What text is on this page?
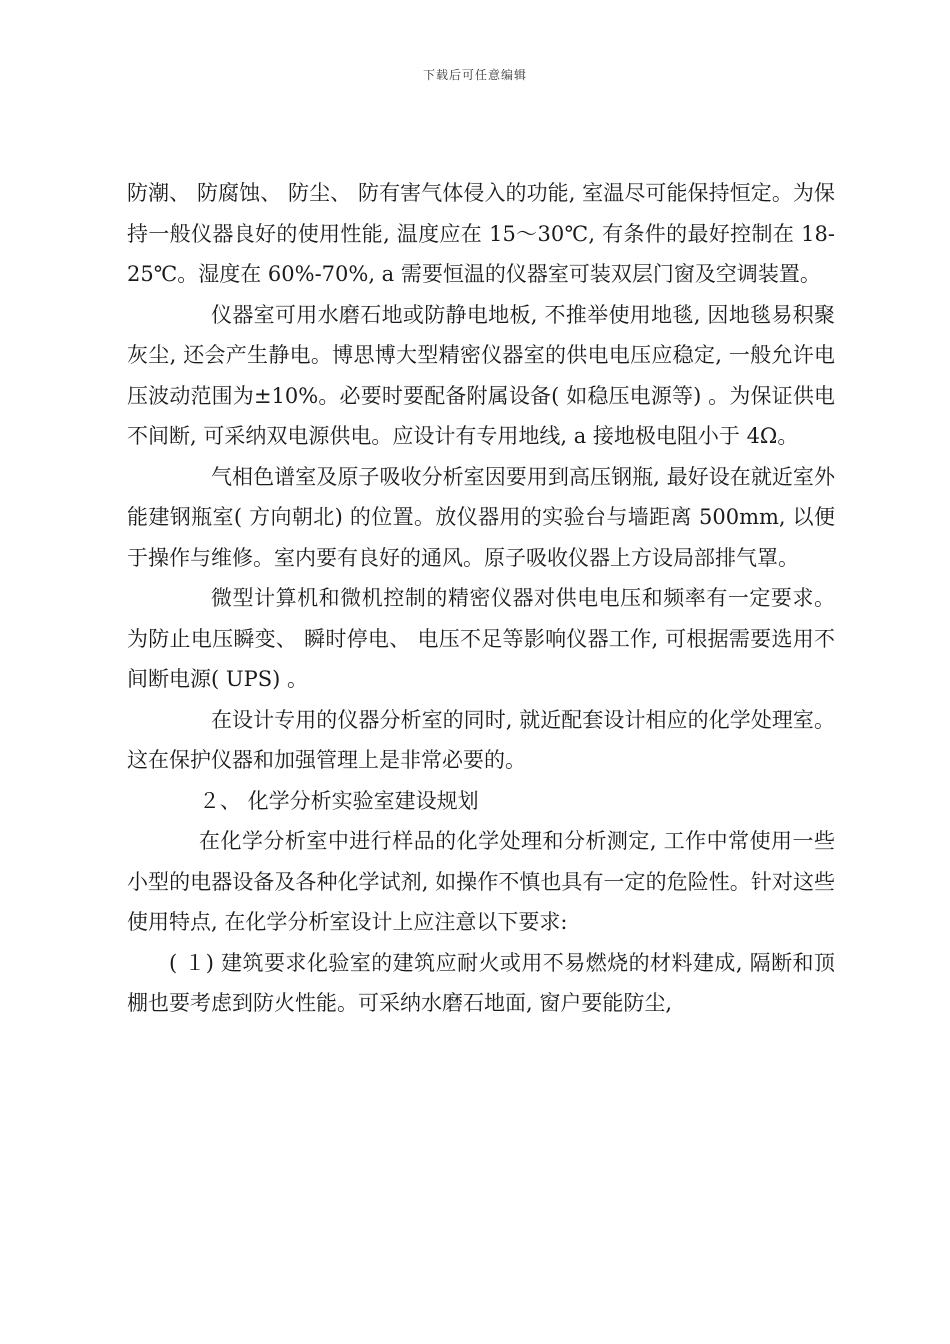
下载后可任意编辑

防潮、 防腐蚀、 防尘、 防有害气体侵入的功能, 室温尽可能保持恒定。为保持一般仪器良好的使用性能, 温度应在 15～30℃, 有条件的最好控制在 18-25℃。湿度在 60%-70%, a 需要恒温的仪器室可装双层门窗及空调装置。

仪器室可用水磨石地或防静电地板, 不推举使用地毯, 因地毯易积聚灰尘, 还会产生静电。博思博大型精密仪器室的供电电压应稳定, 一般允许电压波动范围为±10%。必要时要配备附属设备( 如稳压电源等) 。为保证供电不间断, 可采纳双电源供电。应设计有专用地线, a 接地极电阻小于 4Ω。

气相色谱室及原子吸收分析室因要用到高压钢瓶, 最好设在就近室外能建钢瓶室( 方向朝北) 的位置。放仪器用的实验台与墙距离 500mm, 以便于操作与维修。室内要有良好的通风。原子吸收仪器上方设局部排气罩。

微型计算机和微机控制的精密仪器对供电电压和频率有一定要求。为防止电压瞬变、 瞬时停电、 电压不足等影响仪器工作, 可根据需要选用不间断电源( UPS) 。

在设计专用的仪器分析室的同时, 就近配套设计相应的化学处理室。这在保护仪器和加强管理上是非常必要的。

２、 化学分析实验室建设规划

在化学分析室中进行样品的化学处理和分析测定, 工作中常使用一些小型的电器设备及各种化学试剂, 如操作不慎也具有一定的危险性。针对这些使用特点, 在化学分析室设计上应注意以下要求:

( １) 建筑要求化验室的建筑应耐火或用不易燃烧的材料建成, 隔断和顶棚也要考虑到防火性能。可采纳水磨石地面, 窗户要能防尘,
